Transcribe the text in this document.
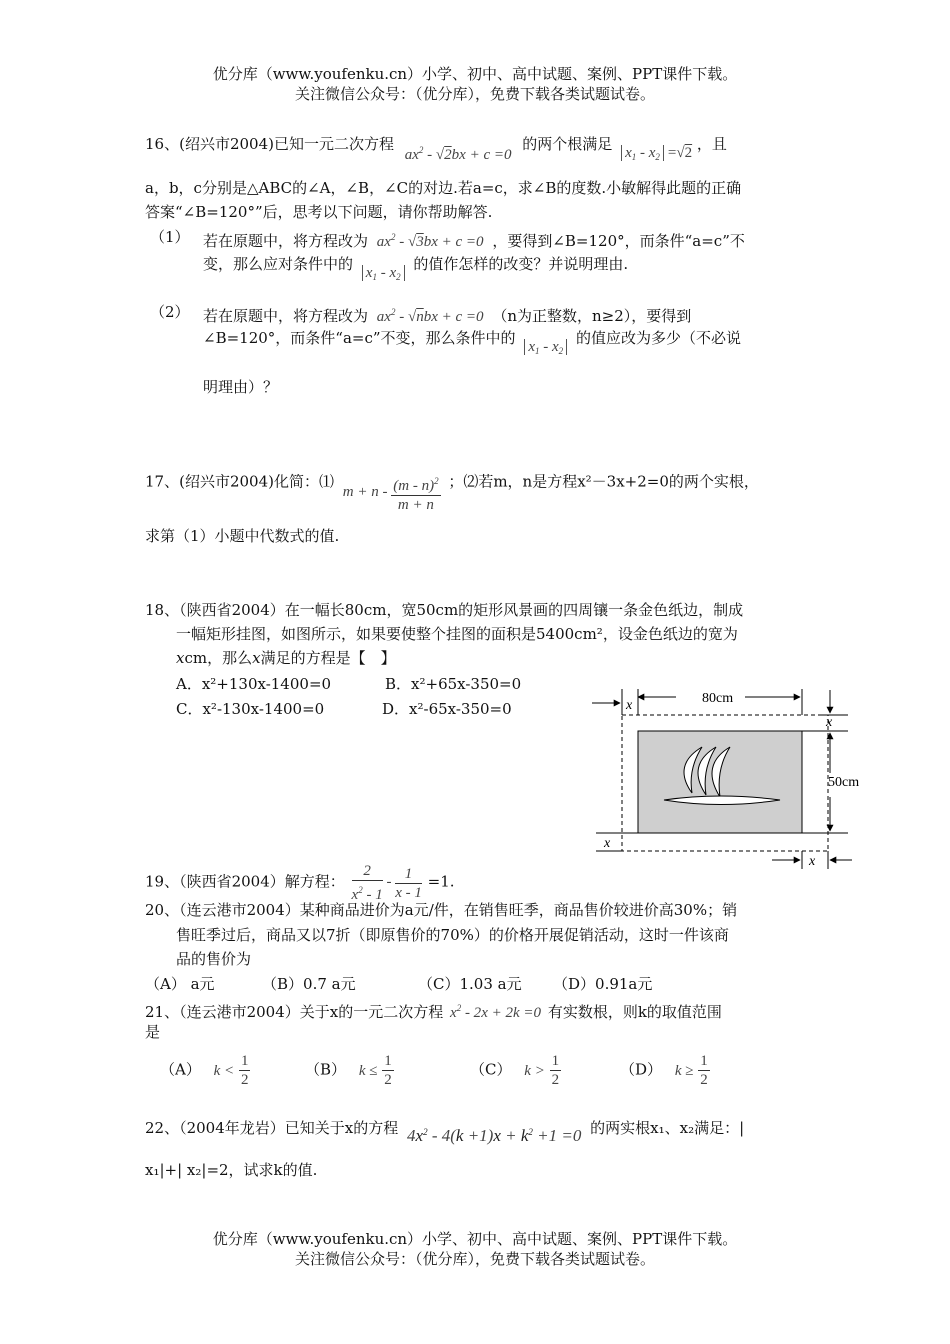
优分库（www.youfenku.cn）小学、初中、高中试题、案例、PPT课件下载。
关注微信公众号：（优分库），免费下载各类试题试卷。
16、(绍兴市2004)已知一元二次方程 $ax^2 - √2bx + c =0$ 的两个根满足 $x_1 - x_2 =√2$ ，且
a，b，c分别是△ABC的∠A，∠B，∠C的对边.若a=c，求∠B的度数.小敏解得此题的正确
答案“∠B=120°”后，思考以下问题，请你帮助解答.
（1） 若在原题中，将方程改为 $ax^2 - √3bx + c =0$ ，要得到∠B=120°，而条件“a=c”不
变，那么应对条件中的 $x_1 - x_2$ 的值作怎样的改变？并说明理由.
（2） 若在原题中，将方程改为 $ax^2 - √nbx + c =0$ （n为正整数，n≥2），要得到
∠B=120°，而条件“a=c”不变，那么条件中的 $x_1 - x_2$ 的值应改为多少（不必说
明理由）？
17、(绍兴市2004)化简：⑴ $m + n - \frac{(m - n)^2}{m + n}$ ；⑵若m，n是方程x²－3x+2=0的两个实根，
求第（1）小题中代数式的值.
18、（陕西省2004）在一幅长80cm，宽50cm的矩形风景画的四周镶一条金色纸边，制成
一幅矩形挂图，如图所示，如果要使整个挂图的面积是5400cm²，设金色纸边的宽为
xcm，那么x满足的方程是【　】
A．x²+130x-1400=0	B．x²+65x-350=0
C．x²-130x-1400=0	D．x²-65x-350=0
80cm
x
x
50cm
x
x
19、（陕西省2004）解方程： $\frac{2}{x^2 - 1} - \frac{1}{x - 1} =1$.
20、（连云港市2004）某种商品进价为a元/件，在销售旺季，商品售价较进价高30%；销
售旺季过后，商品又以7折（即原售价的70%）的价格开展促销活动，这时一件该商
品的售价为
（A） a元	（B）0.7 a元	（C）1.03 a元 （D）0.91a元
21、（连云港市2004）关于x的一元二次方程 $x^2 - 2x + 2k =0$ 有实数根，则k的取值范围
是
（A） $k < \frac{1}{2}$	（B） $k \le \frac{1}{2}$	（C） $k > \frac{1}{2}$	（D） $k \ge \frac{1}{2}$
22、（2004年龙岩）已知关于x的方程 $4x^2 - 4(k +1)x + k^2 +1 =0$ 的两实根x₁、x₂满足：|
x₁|+| x₂|=2，试求k的值.
优分库（www.youfenku.cn）小学、初中、高中试题、案例、PPT课件下载。
关注微信公众号：（优分库），免费下载各类试题试卷。
